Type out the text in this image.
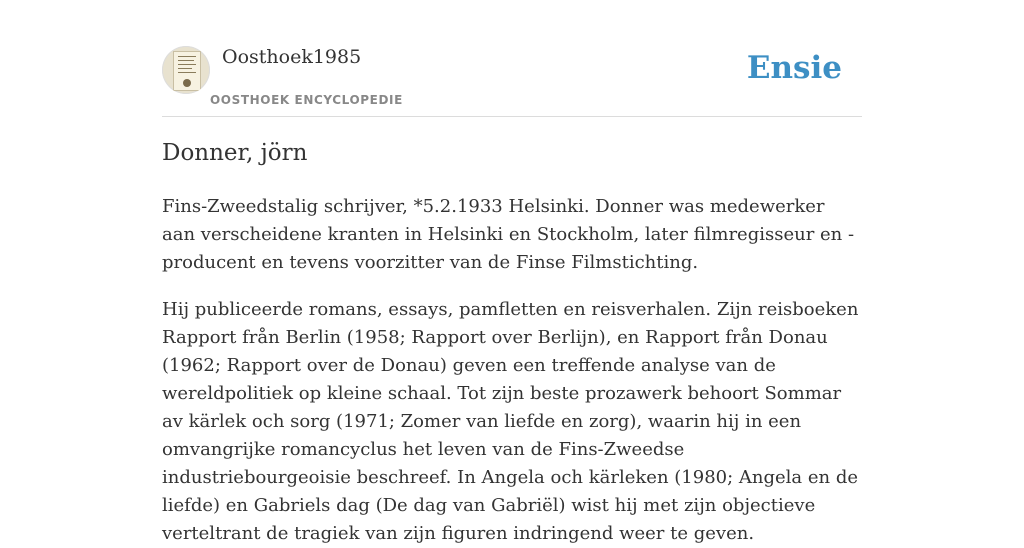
Oosthoek1985
OOSTHOEK ENCYCLOPEDIE
Ensie
Donner, jörn

Fins-Zweedstalig schrijver, *5.2.1933 Helsinki. Donner was medewerker aan verscheidene kranten in Helsinki en Stockholm, later filmregisseur en -producent en tevens voorzitter van de Finse Filmstichting.

Hij publiceerde romans, essays, pamfletten en reisverhalen. Zijn reisboeken Rapport från Berlin (1958; Rapport over Berlijn), en Rapport från Donau (1962; Rapport over de Donau) geven een treffende analyse van de wereldpolitiek op kleine schaal. Tot zijn beste prozawerk behoort Sommar av kärlek och sorg (1971; Zomer van liefde en zorg), waarin hij in een omvangrijke romancyclus het leven van de Fins-Zweedse industriebourgeoisie beschreef. In Angela och kärleken (1980; Angela en de liefde) en Gabriels dag (De dag van Gabriël) wist hij met zijn objectieve verteltrant de tragiek van zijn figuren indringend weer te geven.
